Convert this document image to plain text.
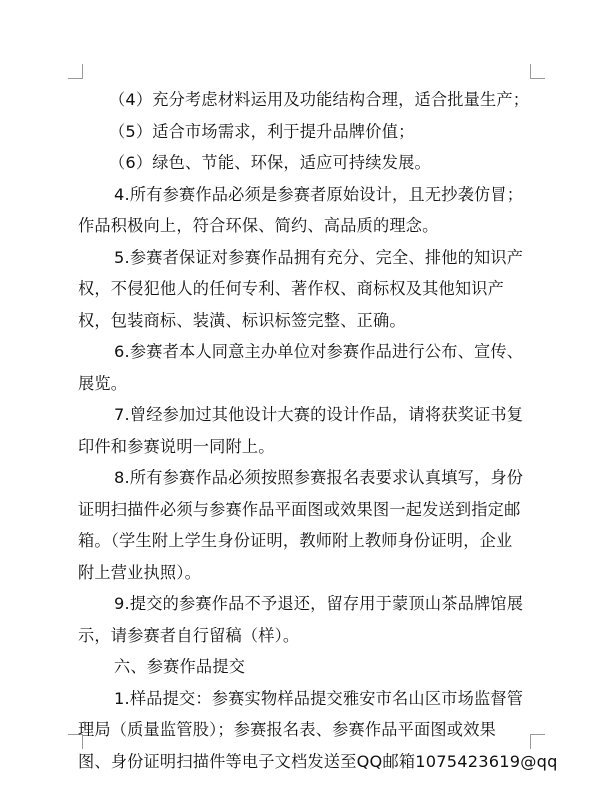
（4）充分考虑材料运用及功能结构合理，适合批量生产；
（5）适合市场需求，利于提升品牌价值；
（6）绿色、节能、环保，适应可持续发展。
4.所有参赛作品必须是参赛者原始设计，且无抄袭仿冒；
作品积极向上，符合环保、简约、高品质的理念。
5.参赛者保证对参赛作品拥有充分、完全、排他的知识产
权，不侵犯他人的任何专利、著作权、商标权及其他知识产
权，包装商标、装潢、标识标签完整、正确。
6.参赛者本人同意主办单位对参赛作品进行公布、宣传、
展览。
7.曾经参加过其他设计大赛的设计作品，请将获奖证书复
印件和参赛说明一同附上。
8.所有参赛作品必须按照参赛报名表要求认真填写，身份
证明扫描件必须与参赛作品平面图或效果图一起发送到指定邮
箱。（学生附上学生身份证明，教师附上教师身份证明，企业
附上营业执照）。
9.提交的参赛作品不予退还，留存用于蒙顶山茶品牌馆展
示，请参赛者自行留稿（样）。
六、参赛作品提交
1.样品提交：参赛实物样品提交雅安市名山区市场监督管
理局（质量监管股）；参赛报名表、参赛作品平面图或效果
图、身份证明扫描件等电子文档发送至QQ邮箱1075423619@qq
